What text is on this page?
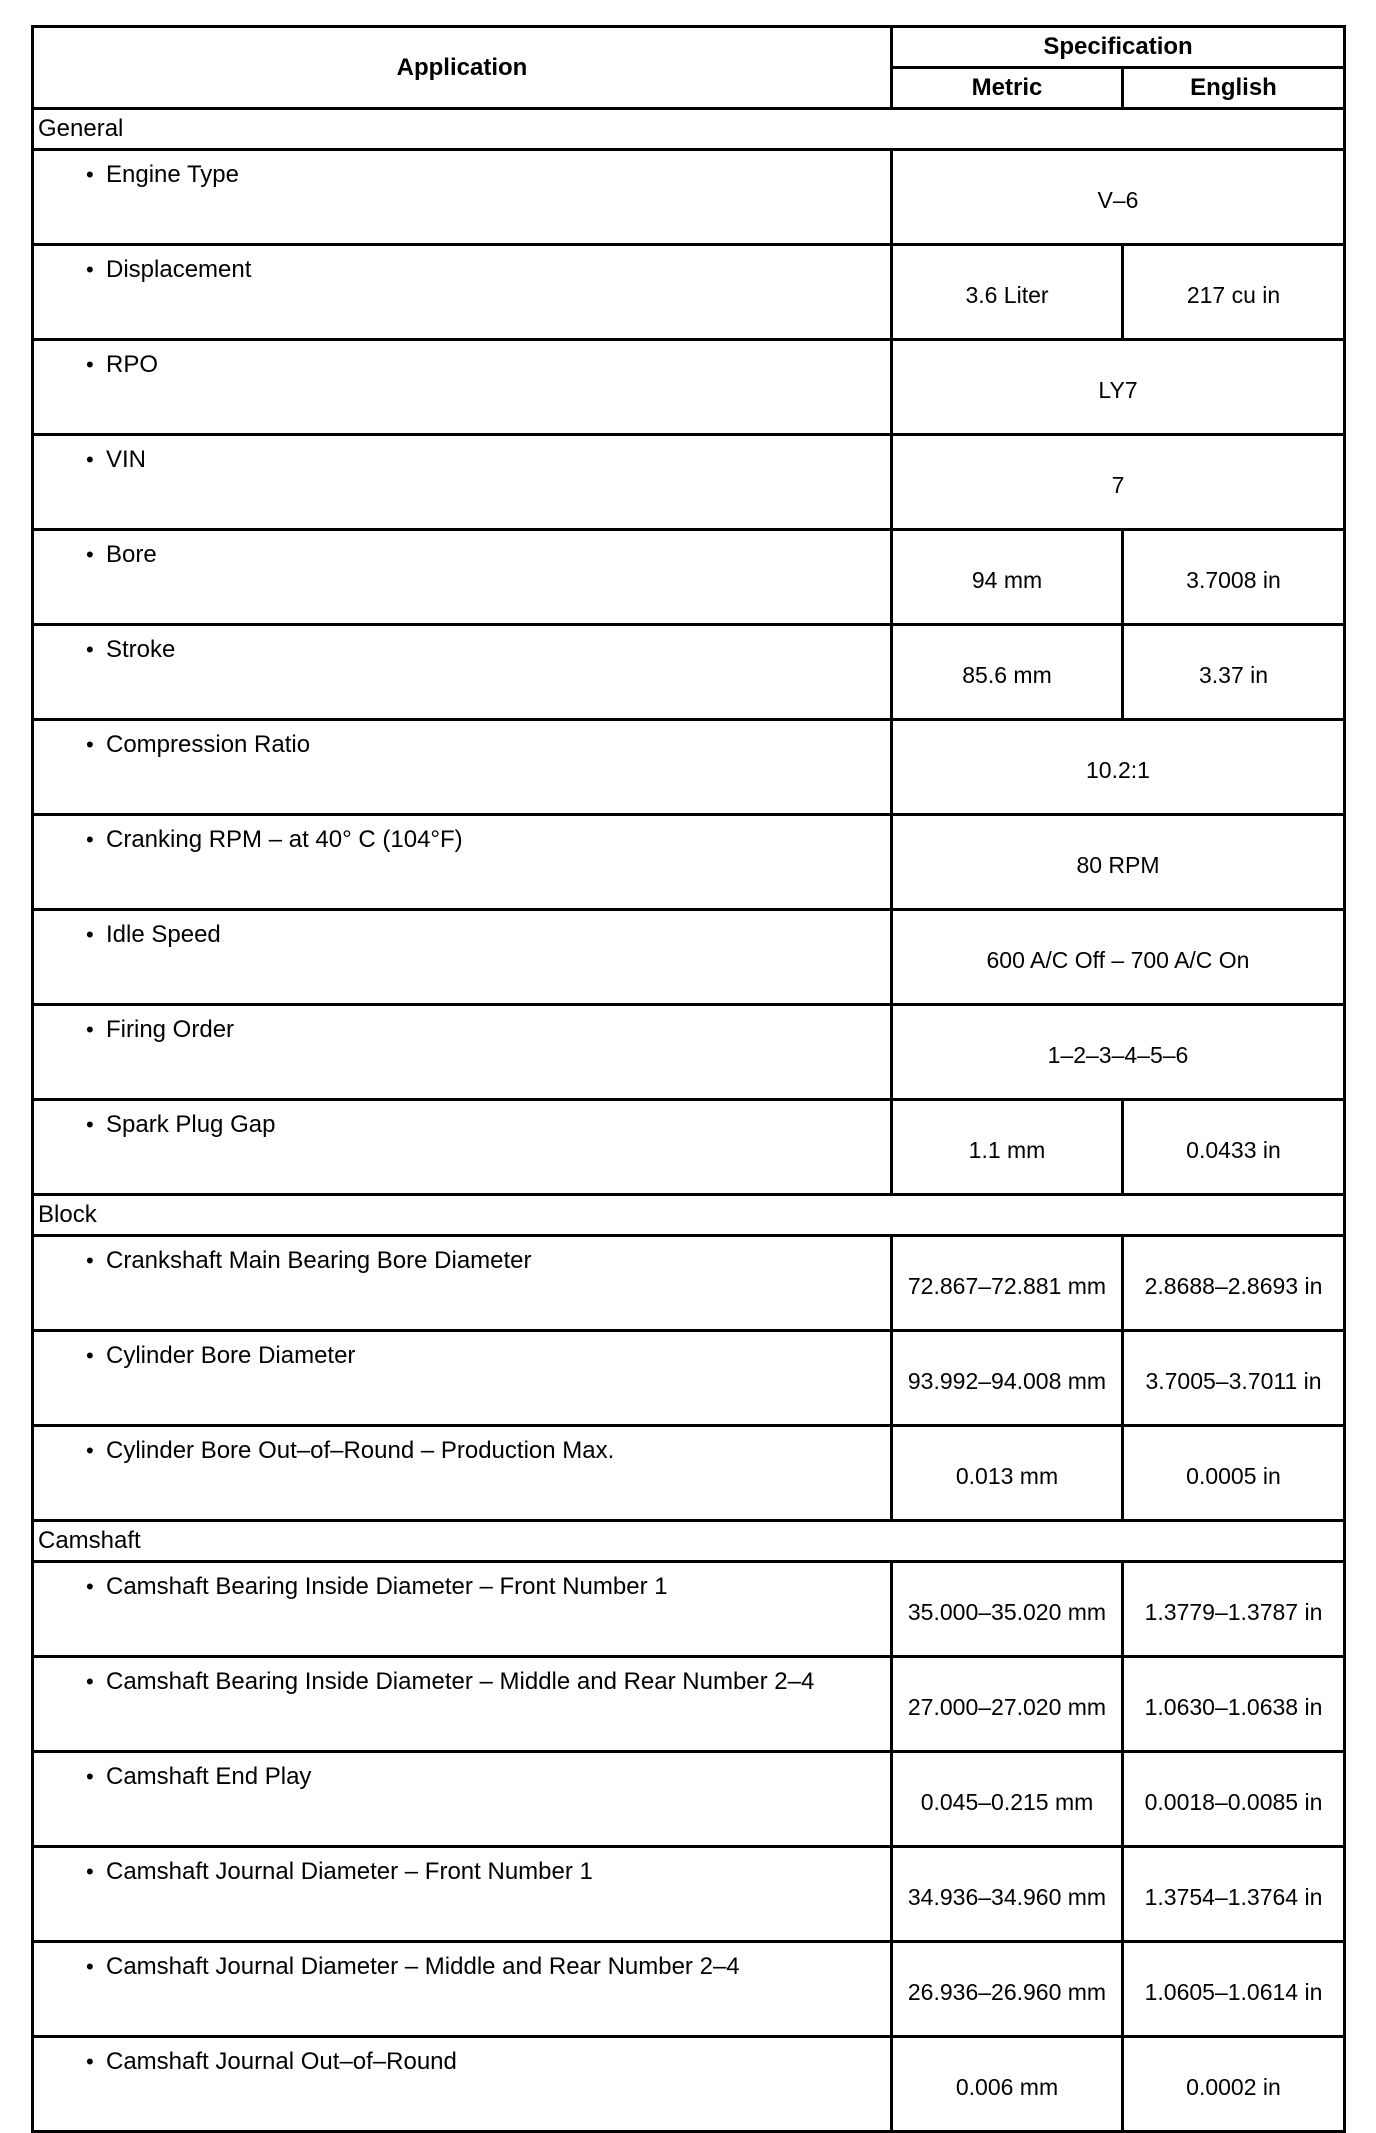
Application	Specification	
	Metric	English
General		
• Engine Type	V–6	
• Displacement	3.6 Liter	217 cu in
• RPO	LY7	
• VIN	7	
• Bore	94 mm	3.7008 in
• Stroke	85.6 mm	3.37 in
• Compression Ratio	10.2:1	
• Cranking RPM – at 40° C (104°F)	80 RPM	
• Idle Speed	600 A/C Off – 700 A/C On	
• Firing Order	1–2–3–4–5–6	
• Spark Plug Gap	1.1 mm	0.0433 in
Block		
• Crankshaft Main Bearing Bore Diameter	72.867–72.881 mm	2.8688–2.8693 in
• Cylinder Bore Diameter	93.992–94.008 mm	3.7005–3.7011 in
• Cylinder Bore Out–of–Round – Production Max.	0.013 mm	0.0005 in
Camshaft		
• Camshaft Bearing Inside Diameter – Front Number 1	35.000–35.020 mm	1.3779–1.3787 in
• Camshaft Bearing Inside Diameter – Middle and Rear Number 2–4	27.000–27.020 mm	1.0630–1.0638 in
• Camshaft End Play	0.045–0.215 mm	0.0018–0.0085 in
• Camshaft Journal Diameter – Front Number 1	34.936–34.960 mm	1.3754–1.3764 in
• Camshaft Journal Diameter – Middle and Rear Number 2–4	26.936–26.960 mm	1.0605–1.0614 in
• Camshaft Journal Out–of–Round	0.006 mm	0.0002 in
